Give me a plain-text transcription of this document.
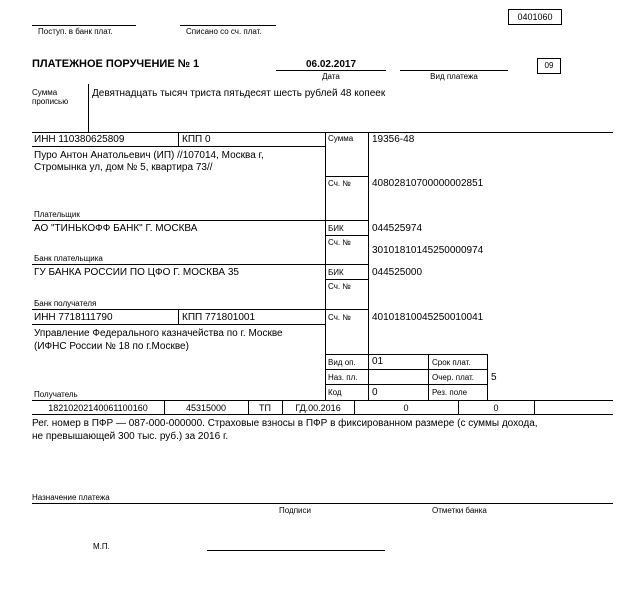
0401060
Поступ. в банк плат.	Списано со сч. плат.
ПЛАТЕЖНОЕ ПОРУЧЕНИЕ № 1	06.02.2017
Дата	Вид платежа
09
Сумма
прописью
Девятнадцать тысяч триста пятьдесят шесть рублей 48 копеек
ИНН 110380625809	КПП 0	Сумма 19356-48
Пуро Антон Анатольевич (ИП) //107014, Москва г,
Стромынка ул, дом № 5, квартира 73//
Сч. № 40802810700000002851
Плательщик
АО "ТИНЬКОФФ БАНК" Г. МОСКВА	БИК	044525974
Сч. №
30101810145250000974
Банк плательщика
ГУ БАНКА РОССИИ ПО ЦФО Г. МОСКВА 35	БИК	044525000
Сч. №
Банк получателя
ИНН 7718111790	КПП 771801001	Сч. № 40101810045250010041
Управление Федерального казначейства по г. Москве
(ИФНС России № 18 по г.Москве)
Вид оп. 01	Срок плат.
Наз. пл.	Очер. плат. 5
Код	0	Рез. поле
Получатель
18210202140061100160	45315000	ТП	ГД.00.2016	0	0
Рег. номер в ПФР — 087-000-000000. Страховые взносы в ПФР в фиксированном размере (с суммы дохода,
не превышающей 300 тыс. руб.) за 2016 г.
Назначение платежа
Подписи	Отметки банка
М.П.
